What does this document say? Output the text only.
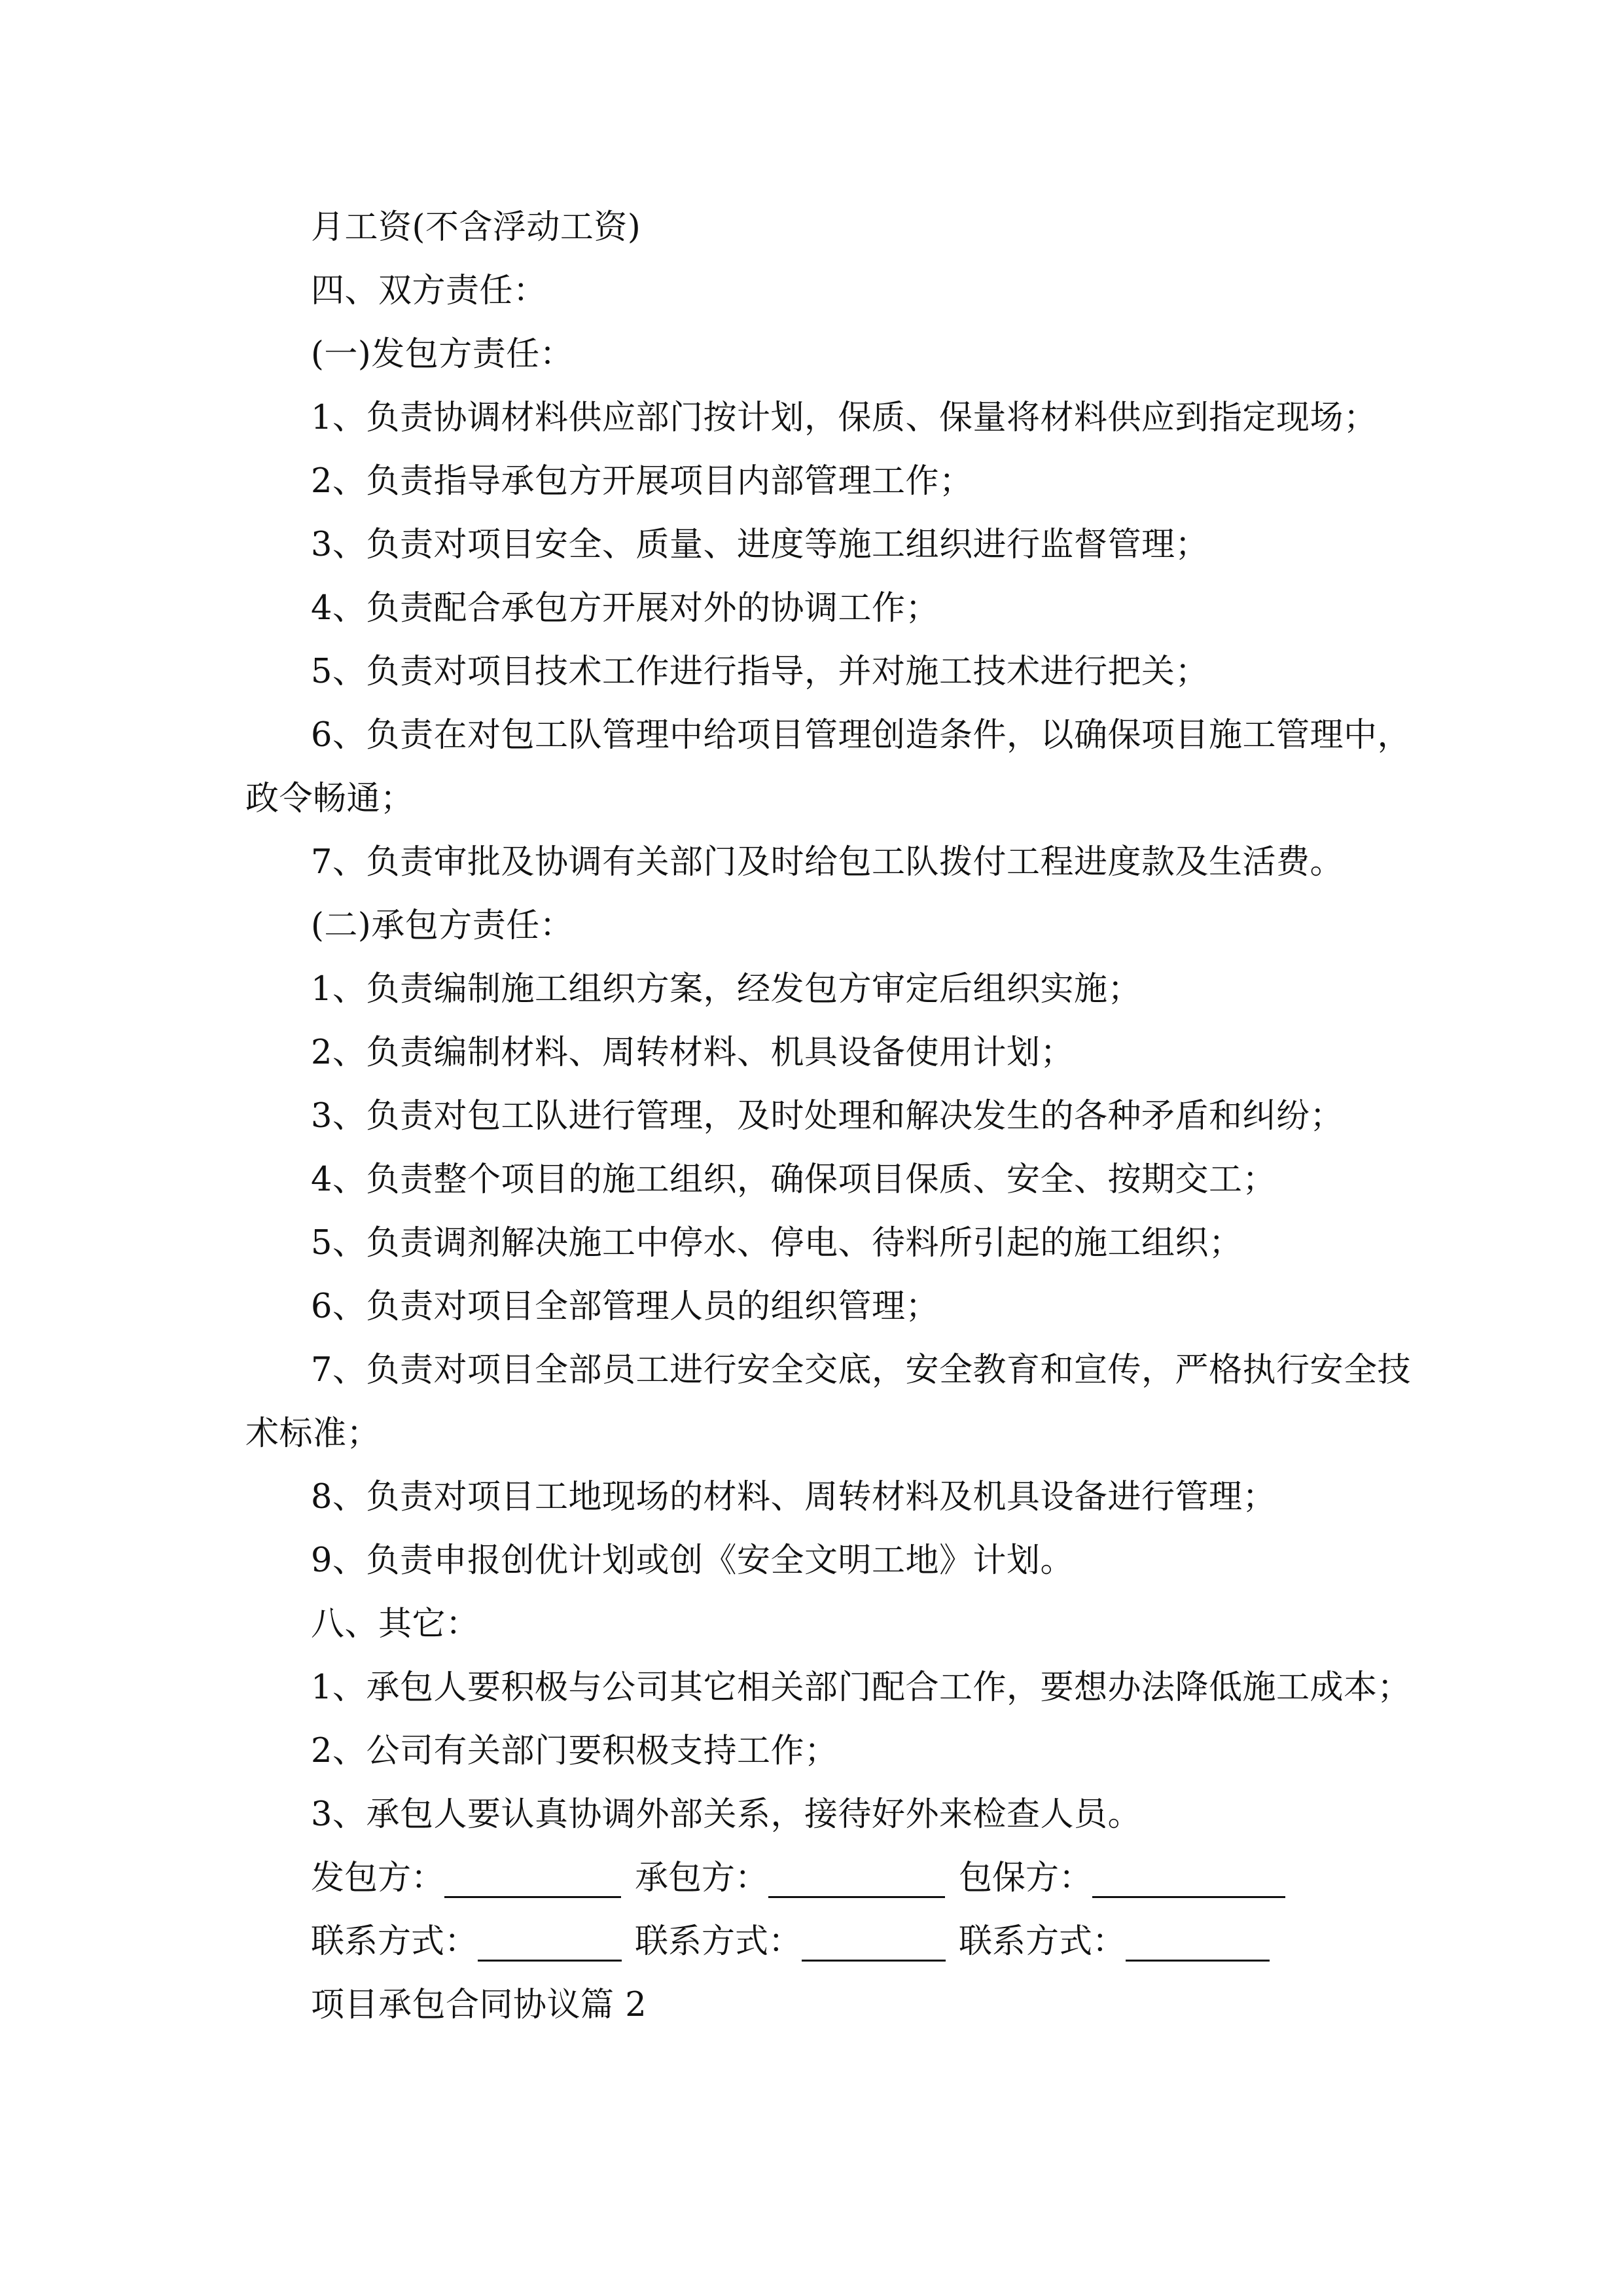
月工资(不含浮动工资)
四、双方责任：
(一)发包方责任：
1、负责协调材料供应部门按计划，保质、保量将材料供应到指定现场；
2、负责指导承包方开展项目内部管理工作；
3、负责对项目安全、质量、进度等施工组织进行监督管理；
4、负责配合承包方开展对外的协调工作；
5、负责对项目技术工作进行指导，并对施工技术进行把关；
6、负责在对包工队管理中给项目管理创造条件，以确保项目施工管理中，
政令畅通；
7、负责审批及协调有关部门及时给包工队拨付工程进度款及生活费。
(二)承包方责任：
1、负责编制施工组织方案，经发包方审定后组织实施；
2、负责编制材料、周转材料、机具设备使用计划；
3、负责对包工队进行管理，及时处理和解决发生的各种矛盾和纠纷；
4、负责整个项目的施工组织，确保项目保质、安全、按期交工；
5、负责调剂解决施工中停水、停电、待料所引起的施工组织；
6、负责对项目全部管理人员的组织管理；
7、负责对项目全部员工进行安全交底，安全教育和宣传，严格执行安全技
术标准；
8、负责对项目工地现场的材料、周转材料及机具设备进行管理；
9、负责申报创优计划或创《安全文明工地》计划。
八、其它：
1、承包人要积极与公司其它相关部门配合工作，要想办法降低施工成本；
2、公司有关部门要积极支持工作；
3、承包人要认真协调外部关系，接待好外来检查人员。
发包方：	承包方：	包保方：
联系方式：	联系方式：	联系方式：
项目承包合同协议篇 2
